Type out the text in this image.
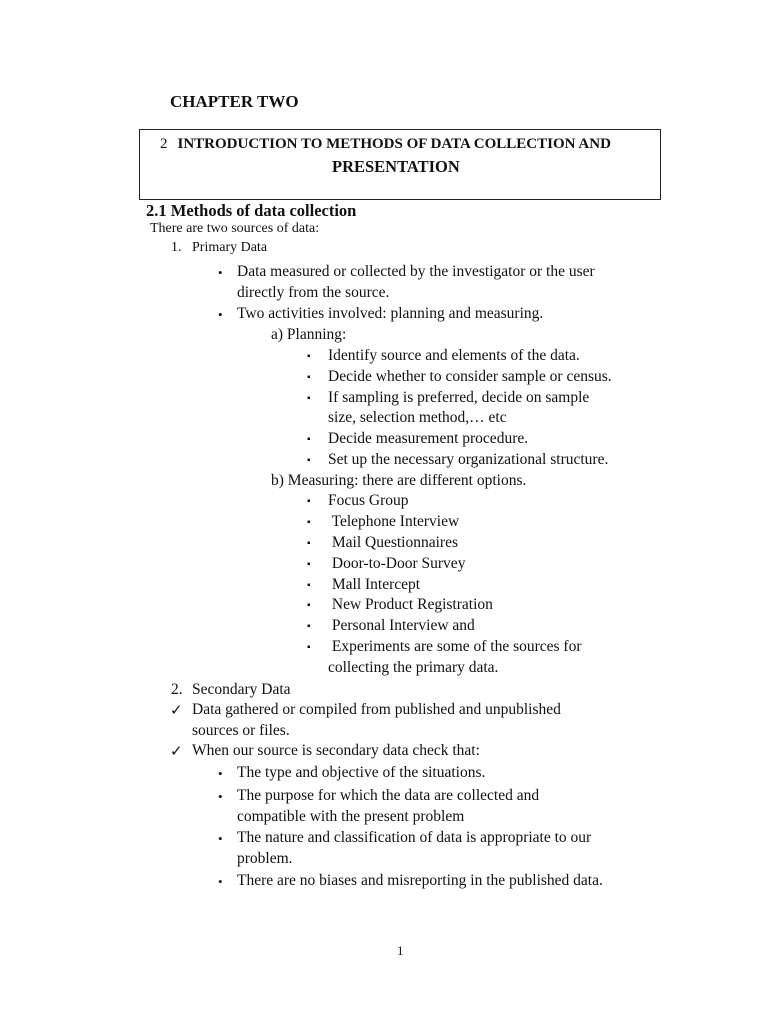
CHAPTER TWO
2 INTRODUCTION TO METHODS OF DATA COLLECTION AND
PRESENTATION
2.1 Methods of data collection
There are two sources of data:
1. Primary Data
• Data measured or collected by the investigator or the user
directly from the source.
• Two activities involved: planning and measuring.
a) Planning:
▪ Identify source and elements of the data.
▪ Decide whether to consider sample or census.
▪ If sampling is preferred, decide on sample
size, selection method,… etc
▪ Decide measurement procedure.
▪ Set up the necessary organizational structure.
b) Measuring: there are different options.
▪ Focus Group
▪ Telephone Interview
▪ Mail Questionnaires
▪ Door-to-Door Survey
▪ Mall Intercept
▪ New Product Registration
▪ Personal Interview and
▪ Experiments are some of the sources for
collecting the primary data.
2. Secondary Data
✓ Data gathered or compiled from published and unpublished
sources or files.
✓ When our source is secondary data check that:
• The type and objective of the situations.
• The purpose for which the data are collected and
compatible with the present problem
• The nature and classification of data is appropriate to our
problem.
• There are no biases and misreporting in the published data.
1
